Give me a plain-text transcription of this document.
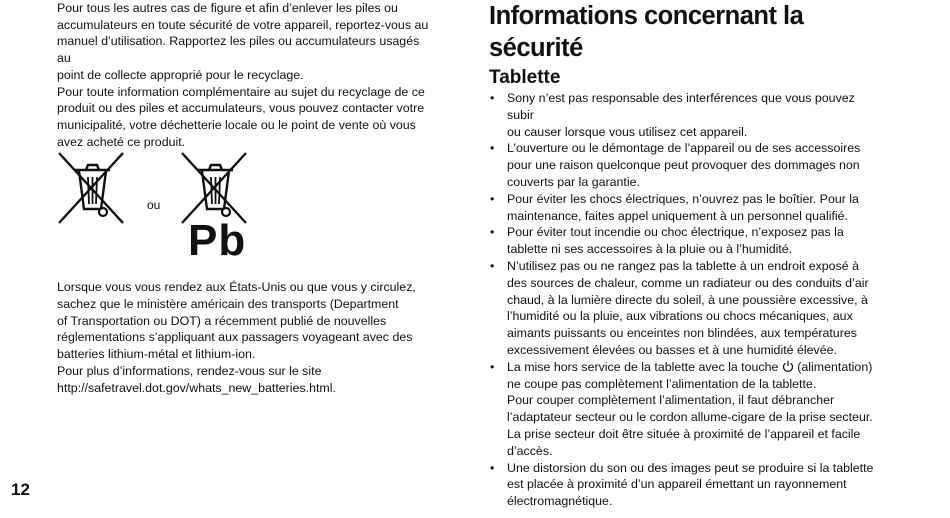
Pour tous les autres cas de figure et afin d’enlever les piles ou
accumulateurs en toute sécurité de votre appareil, reportez-vous au
manuel d’utilisation. Rapportez les piles ou accumulateurs usagés au
point de collecte approprié pour le recyclage.
Pour toute information complémentaire au sujet du recyclage de ce
produit ou des piles et accumulateurs, vous pouvez contacter votre
municipalité, votre déchetterie locale ou le point de vente où vous
avez acheté ce produit.

ou
Pb

Lorsque vous vous rendez aux États-Unis ou que vous y circulez,
sachez que le ministère américain des transports (Department
of Transportation ou DOT) a récemment publié de nouvelles
réglementations s’appliquant aux passagers voyageant avec des
batteries lithium-métal et lithium-ion.
Pour plus d’informations, rendez-vous sur le site
http://safetravel.dot.gov/whats_new_batteries.html.

12
Informations concernant la sécurité
Tablette
• Sony n’est pas responsable des interférences que vous pouvez subir
ou causer lorsque vous utilisez cet appareil.
• L’ouverture ou le démontage de l’appareil ou de ses accessoires
pour une raison quelconque peut provoquer des dommages non
couverts par la garantie.
• Pour éviter les chocs électriques, n’ouvrez pas le boîtier. Pour la
maintenance, faites appel uniquement à un personnel qualifié.
• Pour éviter tout incendie ou choc électrique, n’exposez pas la
tablette ni ses accessoires à la pluie ou à l’humidité.
• N’utilisez pas ou ne rangez pas la tablette à un endroit exposé à
des sources de chaleur, comme un radiateur ou des conduits d’air
chaud, à la lumière directe du soleil, à une poussière excessive, à
l’humidité ou la pluie, aux vibrations ou chocs mécaniques, aux
aimants puissants ou enceintes non blindées, aux températures
excessivement élevées ou basses et à une humidité élevée.
• La mise hors service de la tablette avec la touche (alimentation)
ne coupe pas complètement l’alimentation de la tablette.
Pour couper complètement l’alimentation, il faut débrancher
l’adaptateur secteur ou le cordon allume-cigare de la prise secteur.
La prise secteur doit être située à proximité de l’appareil et facile
d’accès.
• Une distorsion du son ou des images peut se produire si la tablette
est placée à proximité d’un appareil émettant un rayonnement
électromagnétique.
